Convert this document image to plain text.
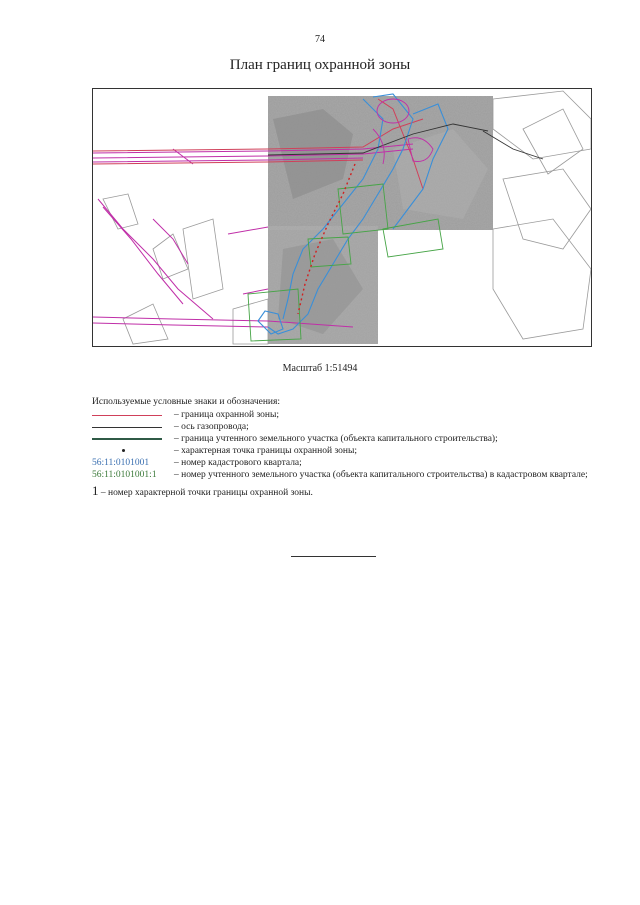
74
План границ охранной зоны
Масштаб 1:51494
Используемые условные знаки и обозначения:
– граница охранной зоны;
– ось газопровода;
– граница учтенного земельного участка (объекта капитального строительства);
– характерная точка границы охранной зоны;
56:11:0101001	– номер кадастрового квартала;
56:11:0101001:1	– номер учтенного земельного участка (объекта капитального строительства) в кадастровом квартале;
1 – номер характерной точки границы охранной зоны.
